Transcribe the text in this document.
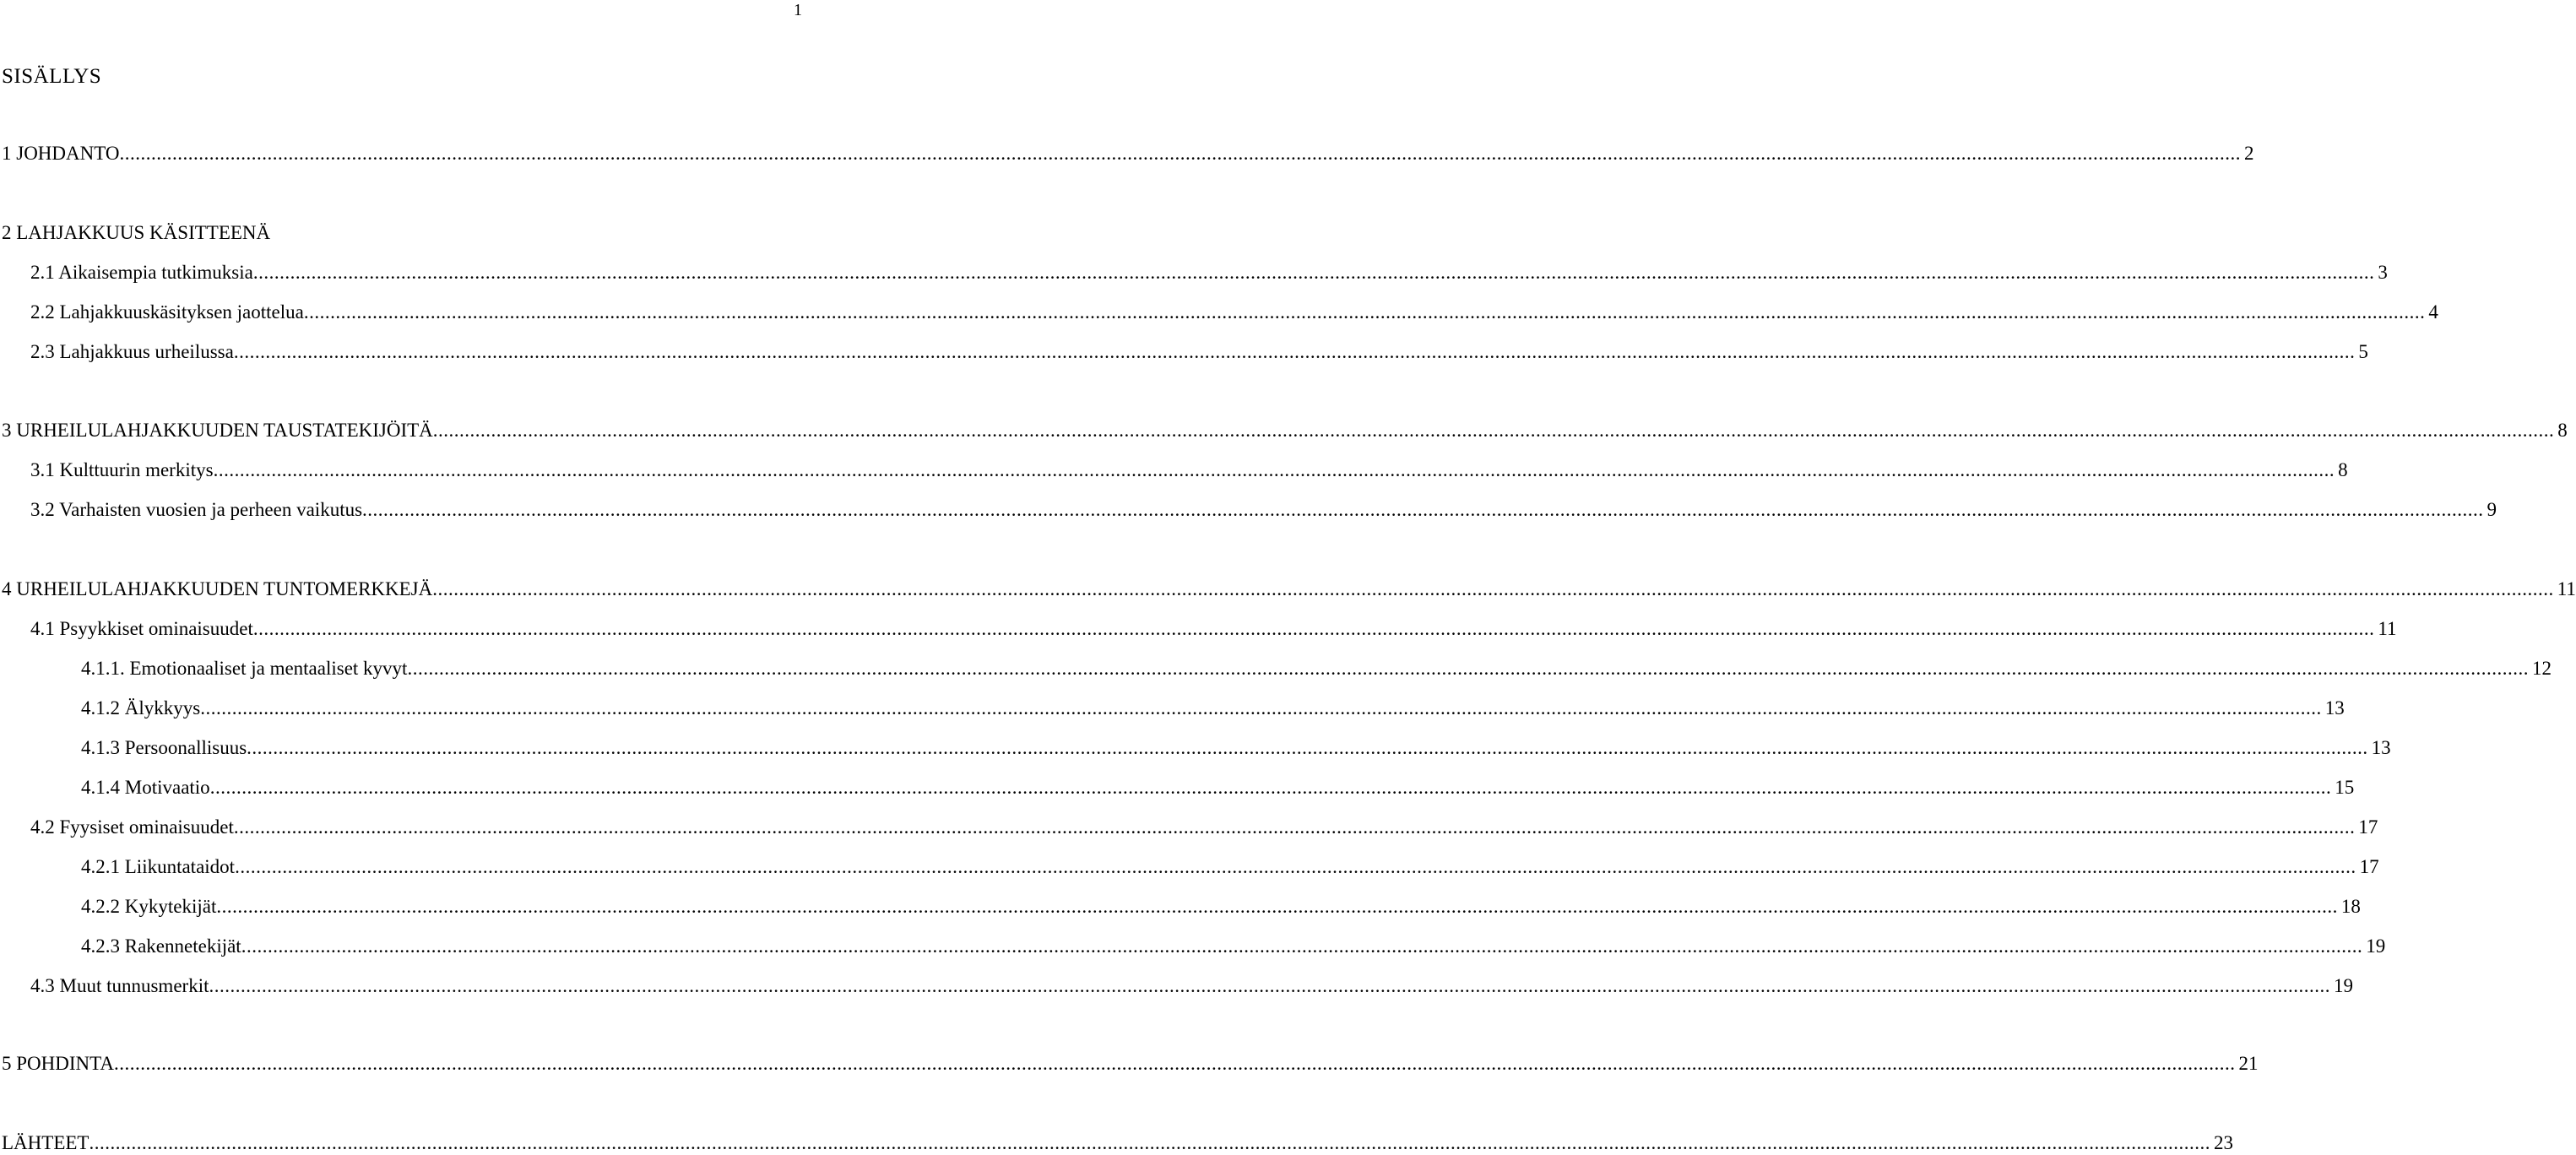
1
SISÄLLYS
1 JOHDANTO .................................................................................................................................................................................................................................................................................................................................................................................................................. 2
2 LAHJAKKUUS KÄSITTEENÄ
2.1 Aikaisempia tutkimuksia .................................................................................................................................................................................................................................................................................................................................................................................................................. 3
2.2 Lahjakkuuskäsityksen jaottelua .................................................................................................................................................................................................................................................................................................................................................................................................................. 4
2.3 Lahjakkuus urheilussa .................................................................................................................................................................................................................................................................................................................................................................................................................. 5
3 URHEILULAHJAKKUUDEN TAUSTATEKIJÖITÄ .................................................................................................................................................................................................................................................................................................................................................................................................................. 8
3.1 Kulttuurin merkitys .................................................................................................................................................................................................................................................................................................................................................................................................................. 8
3.2 Varhaisten vuosien ja perheen vaikutus .................................................................................................................................................................................................................................................................................................................................................................................................................. 9
4 URHEILULAHJAKKUUDEN TUNTOMERKKEJÄ .................................................................................................................................................................................................................................................................................................................................................................................................................. 11
4.1 Psyykkiset ominaisuudet .................................................................................................................................................................................................................................................................................................................................................................................................................. 11
4.1.1. Emotionaaliset ja mentaaliset kyvyt .................................................................................................................................................................................................................................................................................................................................................................................................................. 12
4.1.2 Älykkyys .................................................................................................................................................................................................................................................................................................................................................................................................................. 13
4.1.3 Persoonallisuus .................................................................................................................................................................................................................................................................................................................................................................................................................. 13
4.1.4 Motivaatio .................................................................................................................................................................................................................................................................................................................................................................................................................. 15
4.2 Fyysiset ominaisuudet .................................................................................................................................................................................................................................................................................................................................................................................................................. 17
4.2.1 Liikuntataidot .................................................................................................................................................................................................................................................................................................................................................................................................................. 17
4.2.2 Kykytekijät .................................................................................................................................................................................................................................................................................................................................................................................................................. 18
4.2.3 Rakennetekijät .................................................................................................................................................................................................................................................................................................................................................................................................................. 19
4.3 Muut tunnusmerkit .................................................................................................................................................................................................................................................................................................................................................................................................................. 19
5 POHDINTA .................................................................................................................................................................................................................................................................................................................................................................................................................. 21
LÄHTEET .................................................................................................................................................................................................................................................................................................................................................................................................................. 23
